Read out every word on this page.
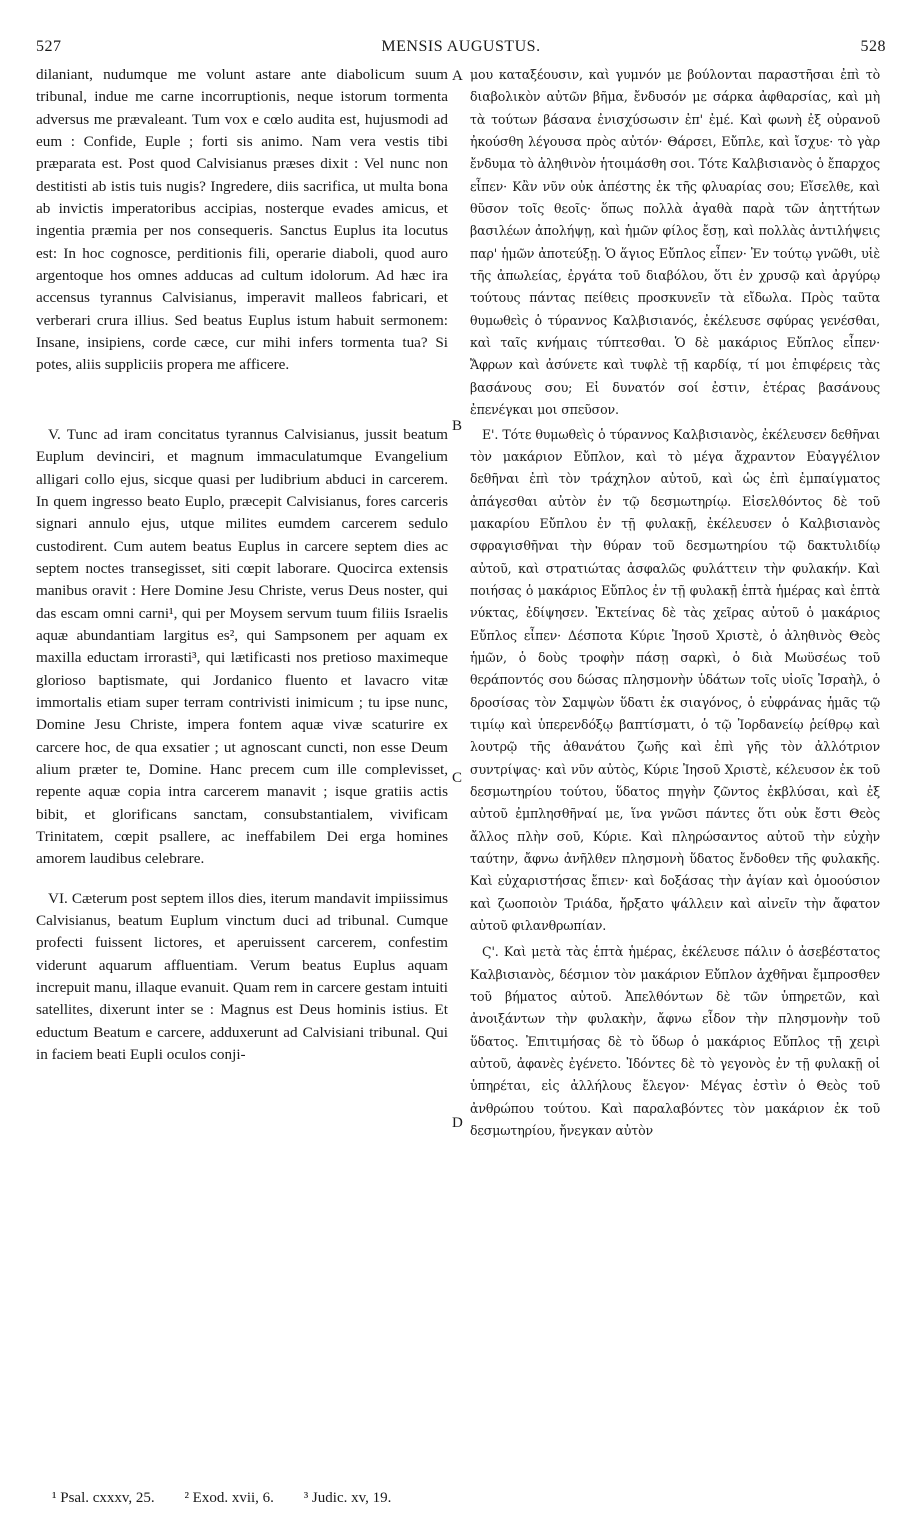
527	MENSIS AUGUSTUS.	528

dilaniant, nudumque me volunt astare ante diabolicum suum tribunal, indue me carne incorruptionis, neque istorum tormenta adversus me prævaleant. Tum vox e cœlo audita est, hujusmodi ad eum : Confide, Euple ; forti sis animo. Nam vera vestis tibi præparata est. Post quod Calvisianus præses dixit : Vel nunc non destitisti ab istis tuis nugis? Ingredere, diis sacrifica, ut multa bona ab invictis imperatoribus accipias, nosterque evades amicus, et ingentia præmia per nos consequeris. Sanctus Euplus ita locutus est: In hoc cognosce, perditionis fili, operarie diaboli, quod auro argentoque hos omnes adducas ad cultum idolorum. Ad hæc ira accensus tyrannus Calvisianus, imperavit malleos fabricari, et verberari crura illius. Sed beatus Euplus istum habuit sermonem: Insane, insipiens, corde cæce, cur mihi infers tormenta tua? Si potes, aliis suppliciis propera me afficere.

V. Tunc ad iram concitatus tyrannus Calvisianus, jussit beatum Euplum devinciri, et magnum immaculatumque Evangelium alligari collo ejus, sicque quasi per ludibrium abduci in carcerem. In quem ingresso beato Euplo, præcepit Calvisianus, fores carceris signari annulo ejus, utque milites eumdem carcerem sedulo custodirent. Cum autem beatus Euplus in carcere septem dies ac septem noctes transegisset, siti cœpit laborare. Quocirca extensis manibus oravit : Here Domine Jesu Christe, verus Deus noster, qui das escam omni carni¹, qui per Moysem servum tuum filiis Israelis aquæ abundantiam largitus es², qui Sampsonem per aquam ex maxilla eductam irrorasti³, qui lætificasti nos pretioso maximeque glorioso baptismate, qui Jordanico fluento et lavacro vitæ immortalis etiam super terram contrivisti inimicum ; tu ipse nunc, Domine Jesu Christe, impera fontem aquæ vivæ scaturire ex carcere hoc, de qua exsatier ; ut agnoscant cuncti, non esse Deum alium præter te, Domine. Hanc precem cum ille complevisset, repente aquæ copia intra carcerem manavit ; isque gratiis actis bibit, et glorificans sanctam, consubstantialem, vivificam Trinitatem, cœpit psallere, ac ineffabilem Dei erga homines amorem laudibus celebrare.

VI. Cæterum post septem illos dies, iterum mandavit impiissimus Calvisianus, beatum Euplum vinctum duci ad tribunal. Cumque profecti fuissent lictores, et aperuissent carcerem, confestim viderunt aquarum affluentiam. Verum beatus Euplus aquam increpuit manu, illaque evanuit. Quam rem in carcere gestam intuiti satellites, dixerunt inter se : Magnus est Deus hominis istius. Et eductum Beatum e carcere, adduxerunt ad Calvisiani tribunal. Qui in faciem beati Eupli oculos conji-

A
B
C
D

μου καταξέουσιν, καὶ γυμνόν με βούλονται παραστῆσαι ἐπὶ τὸ διαβολικὸν αὐτῶν βῆμα, ἔνδυσόν με σάρκα ἀφθαρσίας, καὶ μὴ τὰ τούτων βάσανα ἐνισχύσωσιν ἐπ' ἐμέ. Καὶ φωνὴ ἐξ οὐρανοῦ ἠκούσθη λέγουσα πρὸς αὐτόν· Θάρσει, Εὔπλε, καὶ ἴσχυε· τὸ γὰρ ἔνδυμα τὸ ἀληθινὸν ἡτοιμάσθη σοι. Τότε Καλβισιανὸς ὁ ἔπαρχος εἶπεν· Κἂν νῦν οὐκ ἀπέστης ἐκ τῆς φλυαρίας σου; Εἴσελθε, καὶ θῦσον τοῖς θεοῖς· ὅπως πολλὰ ἀγαθὰ παρὰ τῶν ἀηττήτων βασιλέων ἀπολήψῃ, καὶ ἡμῶν φίλος ἔσῃ, καὶ πολλὰς ἀντιλήψεις παρ' ἡμῶν ἀποτεύξῃ. Ὁ ἅγιος Εὔπλος εἶπεν· Ἐν τούτῳ γνῶθι, υἱὲ τῆς ἀπωλείας, ἐργάτα τοῦ διαβόλου, ὅτι ἐν χρυσῷ καὶ ἀργύρῳ τούτους πάντας πείθεις προσκυνεῖν τὰ εἴδωλα. Πρὸς ταῦτα θυμωθεὶς ὁ τύραννος Καλβισιανός, ἐκέλευσε σφύρας γενέσθαι, καὶ ταῖς κνήμαις τύπτεσθαι. Ὁ δὲ μακάριος Εὔπλος εἶπεν· Ἄφρων καὶ ἀσύνετε καὶ τυφλὲ τῇ καρδίᾳ, τί μοι ἐπιφέρεις τὰς βασάνους σου; Εἰ δυνατόν σοί ἐστιν, ἑτέρας βασάνους ἐπενέγκαι μοι σπεῦσον.

Ε'. Τότε θυμωθεὶς ὁ τύραννος Καλβισιανὸς, ἐκέλευσεν δεθῆναι τὸν μακάριον Εὔπλον, καὶ τὸ μέγα ἄχραντον Εὐαγγέλιον δεθῆναι ἐπὶ τὸν τράχηλον αὐτοῦ, καὶ ὡς ἐπὶ ἐμπαίγματος ἀπάγεσθαι αὐτὸν ἐν τῷ δεσμωτηρίῳ. Εἰσελθόντος δὲ τοῦ μακαρίου Εὔπλου ἐν τῇ φυλακῇ, ἐκέλευσεν ὁ Καλβισιανὸς σφραγισθῆναι τὴν θύραν τοῦ δεσμωτηρίου τῷ δακτυλιδίῳ αὐτοῦ, καὶ στρατιώτας ἀσφαλῶς φυλάττειν τὴν φυλακήν. Καὶ ποιήσας ὁ μακάριος Εὔπλος ἐν τῇ φυλακῇ ἑπτὰ ἡμέρας καὶ ἑπτὰ νύκτας, ἐδίψησεν. Ἐκτείνας δὲ τὰς χεῖρας αὐτοῦ ὁ μακάριος Εὔπλος εἶπεν· Δέσποτα Κύριε Ἰησοῦ Χριστὲ, ὁ ἀληθινὸς Θεὸς ἡμῶν, ὁ δοὺς τροφὴν πάσῃ σαρκὶ, ὁ διὰ Μωϋσέως τοῦ θεράποντός σου δώσας πλησμονὴν ὑδάτων τοῖς υἱοῖς Ἰσραὴλ, ὁ δροσίσας τὸν Σαμψὼν ὕδατι ἐκ σιαγόνος, ὁ εὐφράνας ἡμᾶς τῷ τιμίῳ καὶ ὑπερενδόξῳ βαπτίσματι, ὁ τῷ Ἰορδανείῳ ῥείθρῳ καὶ λουτρῷ τῆς ἀθανάτου ζωῆς καὶ ἐπὶ γῆς τὸν ἀλλότριον συντρίψας· καὶ νῦν αὐτὸς, Κύριε Ἰησοῦ Χριστὲ, κέλευσον ἐκ τοῦ δεσμωτηρίου τούτου, ὕδατος πηγὴν ζῶντος ἐκβλύσαι, καὶ ἐξ αὐτοῦ ἐμπλησθῆναί με, ἵνα γνῶσι πάντες ὅτι οὐκ ἔστι Θεὸς ἄλλος πλὴν σοῦ, Κύριε. Καὶ πληρώσαντος αὐτοῦ τὴν εὐχὴν ταύτην, ἄφνω ἀνῆλθεν πλησμονὴ ὕδατος ἔνδοθεν τῆς φυλακῆς. Καὶ εὐχαριστήσας ἔπιεν· καὶ δοξάσας τὴν ἁγίαν καὶ ὁμοούσιον καὶ ζωοποιὸν Τριάδα, ἤρξατο ψάλλειν καὶ αἰνεῖν τὴν ἄφατον αὐτοῦ φιλανθρωπίαν.

Ϛ'. Καὶ μετὰ τὰς ἑπτὰ ἡμέρας, ἐκέλευσε πάλιν ὁ ἀσεβέστατος Καλβισιανὸς, δέσμιον τὸν μακάριον Εὔπλον ἀχθῆναι ἔμπροσθεν τοῦ βήματος αὐτοῦ. Ἀπελθόντων δὲ τῶν ὑπηρετῶν, καὶ ἀνοιξάντων τὴν φυλακὴν, ἄφνω εἶδον τὴν πλησμονὴν τοῦ ὕδατος. Ἐπιτιμήσας δὲ τὸ ὕδωρ ὁ μακάριος Εὔπλος τῇ χειρὶ αὐτοῦ, ἀφανὲς ἐγένετο. Ἰδόντες δὲ τὸ γεγονὸς ἐν τῇ φυλακῇ οἱ ὑπηρέται, εἰς ἀλλήλους ἔλεγον· Μέγας ἐστὶν ὁ Θεὸς τοῦ ἀνθρώπου τούτου. Καὶ παραλαβόντες τὸν μακάριον ἐκ τοῦ δεσμωτηρίου, ἤνεγκαν αὐτὸν

¹ Psal. cxxxv, 25. ² Exod. xvii, 6. ³ Judic. xv, 19.
